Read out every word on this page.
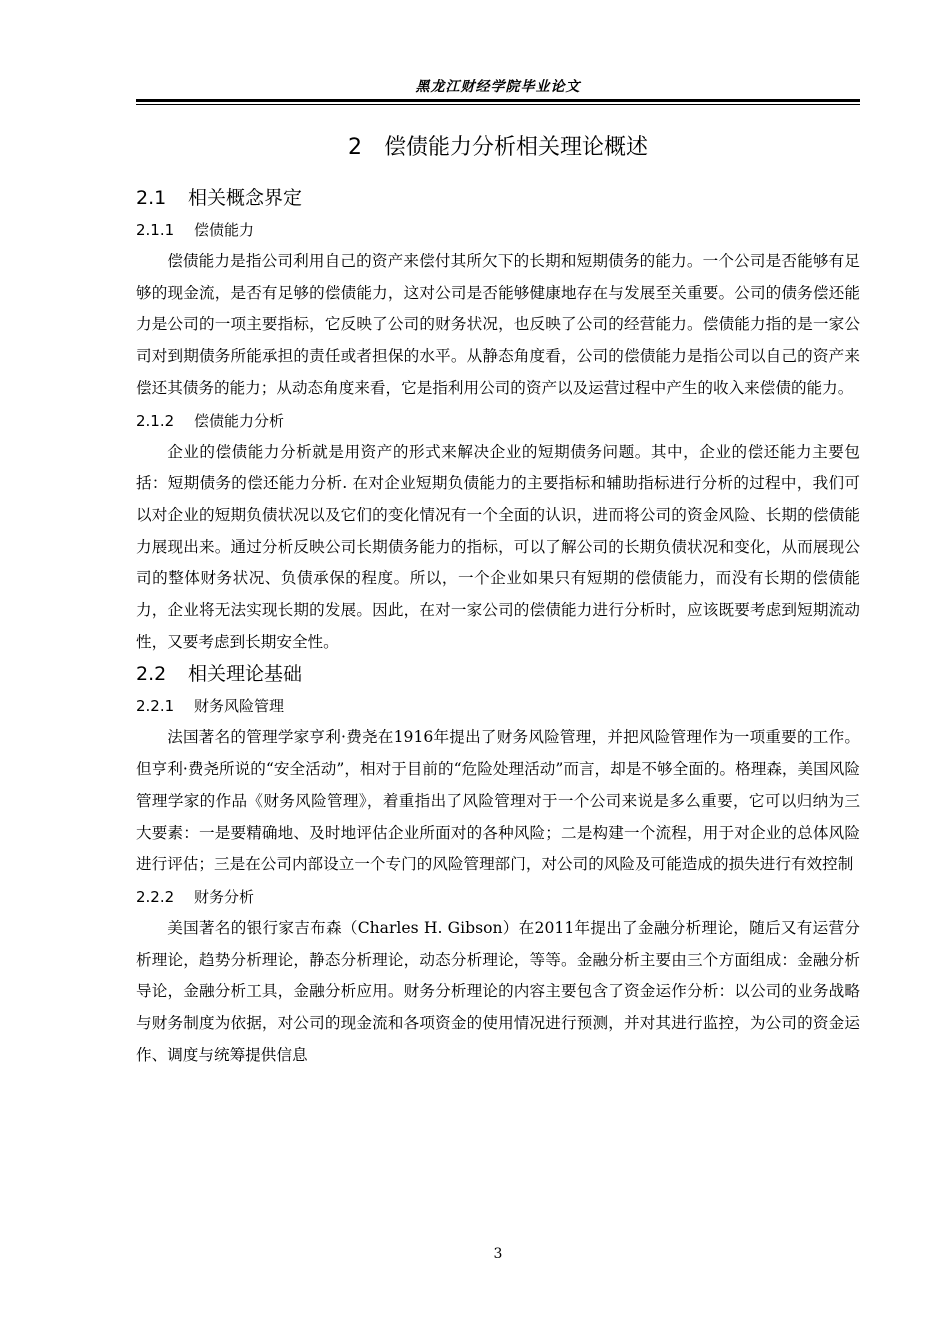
黑龙江财经学院毕业论文
2 偿债能力分析相关理论概述
2.1 相关概念界定
2.1.1 偿债能力

偿债能力是指公司利用自己的资产来偿付其所欠下的长期和短期债务的能力。一个公司是否能够有足够的现金流，是否有足够的偿债能力，这对公司是否能够健康地存在与发展至关重要。公司的债务偿还能力是公司的一项主要指标，它反映了公司的财务状况，也反映了公司的经营能力。偿债能力指的是一家公司对到期债务所能承担的责任或者担保的水平。从静态角度看，公司的偿债能力是指公司以自己的资产来偿还其债务的能力；从动态角度来看，它是指利用公司的资产以及运营过程中产生的收入来偿债的能力。

2.1.2 偿债能力分析

企业的偿债能力分析就是用资产的形式来解决企业的短期债务问题。其中，企业的偿还能力主要包括：短期债务的偿还能力分析. 在对企业短期负债能力的主要指标和辅助指标进行分析的过程中，我们可以对企业的短期负债状况以及它们的变化情况有一个全面的认识，进而将公司的资金风险、长期的偿债能力展现出来。通过分析反映公司长期债务能力的指标，可以了解公司的长期负债状况和变化，从而展现公司的整体财务状况、负债承保的程度。所以，一个企业如果只有短期的偿债能力，而没有长期的偿债能力，企业将无法实现长期的发展。因此，在对一家公司的偿债能力进行分析时，应该既要考虑到短期流动性，又要考虑到长期安全性。

2.2 相关理论基础
2.2.1 财务风险管理

法国著名的管理学家亨利·费尧在1916年提出了财务风险管理，并把风险管理作为一项重要的工作。但亨利·费尧所说的“安全活动”，相对于目前的“危险处理活动”而言，却是不够全面的。格理森，美国风险管理学家的作品《财务风险管理》，着重指出了风险管理对于一个公司来说是多么重要，它可以归纳为三大要素：一是要精确地、及时地评估企业所面对的各种风险；二是构建一个流程，用于对企业的总体风险进行评估；三是在公司内部设立一个专门的风险管理部门，对公司的风险及可能造成的损失进行有效控制

2.2.2 财务分析

美国著名的银行家吉布森（Charles H. Gibson）在2011年提出了金融分析理论，随后又有运营分析理论，趋势分析理论，静态分析理论，动态分析理论，等等。金融分析主要由三个方面组成：金融分析导论，金融分析工具，金融分析应用。财务分析理论的内容主要包含了资金运作分析：以公司的业务战略与财务制度为依据，对公司的现金流和各项资金的使用情况进行预测，并对其进行监控，为公司的资金运作、调度与统筹提供信息

3
